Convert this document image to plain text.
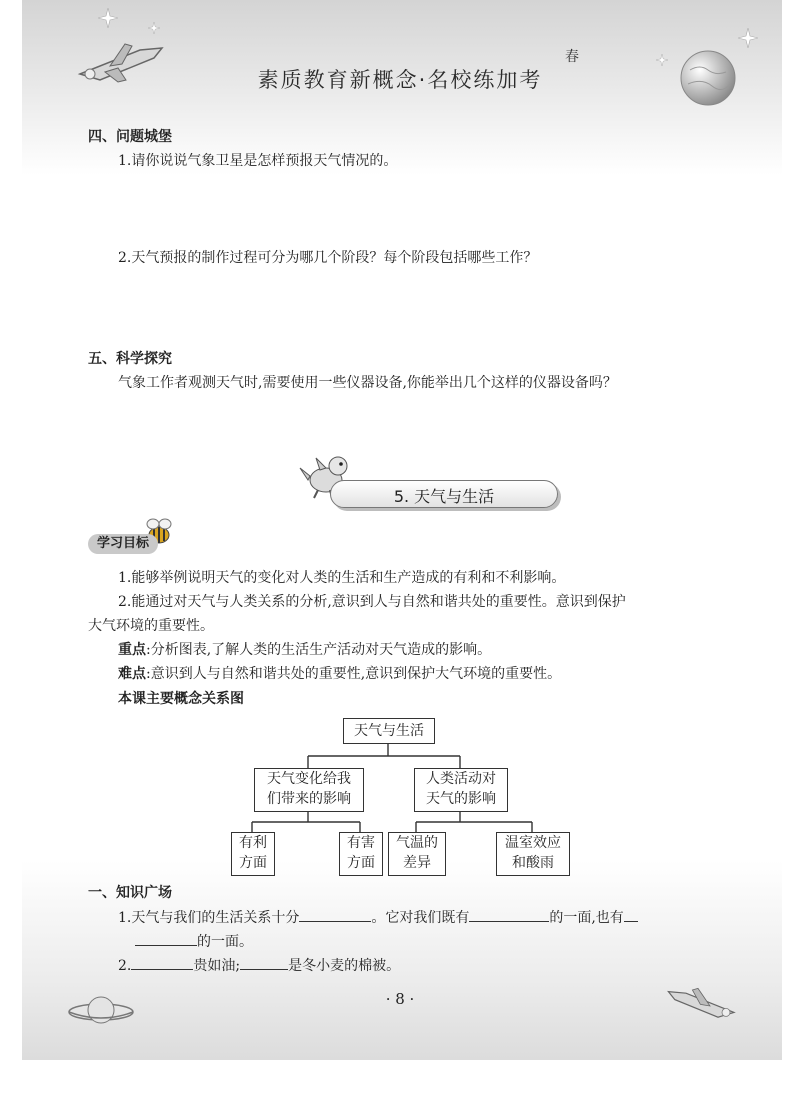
春
素质教育新概念·名校练加考
四、问题城堡
1.请你说说气象卫星是怎样预报天气情况的。
2.天气预报的制作过程可分为哪几个阶段？每个阶段包括哪些工作？
五、科学探究
气象工作者观测天气时,需要使用一些仪器设备,你能举出几个这样的仪器设备吗？
5. 天气与生活
学习目标
1.能够举例说明天气的变化对人类的生活和生产造成的有利和不利影响。
2.能通过对天气与人类关系的分析,意识到人与自然和谐共处的重要性。意识到保护
大气环境的重要性。
重点:分析图表,了解人类的生活生产活动对天气造成的影响。
难点:意识到人与自然和谐共处的重要性,意识到保护大气环境的重要性。
本课主要概念关系图
天气与生活
天气变化给我
们带来的影响
人类活动对
天气的影响
有利
方面
有害
方面
气温的
差异
温室效应
和酸雨
一、知识广场
1.天气与我们的生活关系十分	。它对我们既有	的一面,也有
的一面。
2.	贵如油;	是冬小麦的棉被。
· 8 ·
